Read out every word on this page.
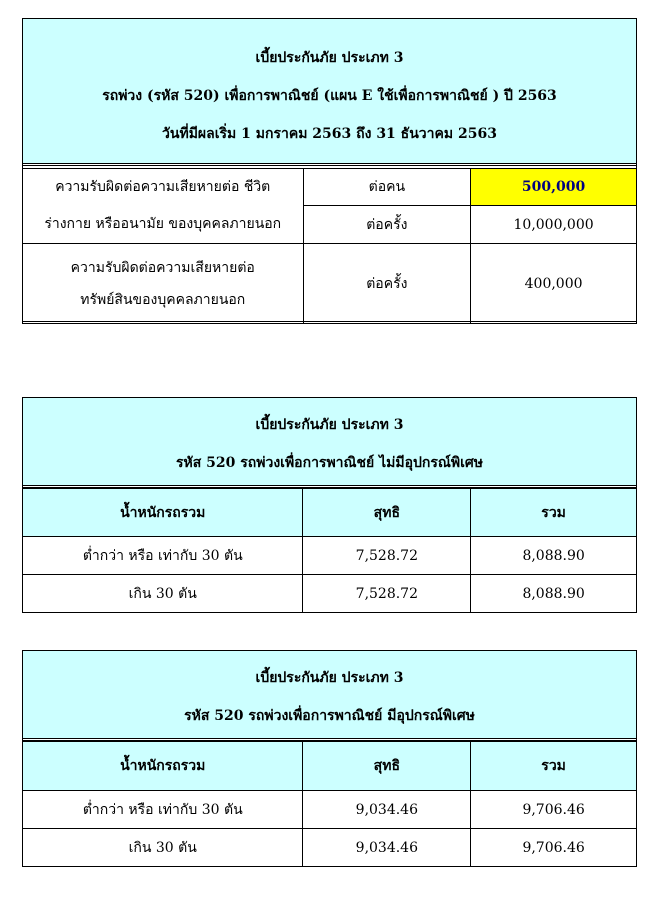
เบี้ยประกันภัย ประเภท 3
รถพ่วง (รหัส 520) เพื่อการพาณิชย์ (แผน E ใช้เพื่อการพาณิชย์ ) ปี 2563
วันที่มีผลเริ่ม 1 มกราคม 2563 ถึง 31 ธันวาคม 2563
ความรับผิดต่อความเสียหายต่อ ชีวิต
ร่างกาย หรืออนามัย ของบุคคลภายนอก	ต่อคน	500,000
	ต่อครั้ง	10,000,000

ความรับผิดต่อความเสียหายต่อ
ทรัพย์สินของบุคคลภายนอก	ต่อครั้ง	400,000
เบี้ยประกันภัย ประเภท 3
รหัส 520 รถพ่วงเพื่อการพาณิชย์ ไม่มีอุปกรณ์พิเศษ
น้ำหนักรถรวม	สุทธิ	รวม
ต่ำกว่า หรือ เท่ากับ 30 ตัน	7,528.72	8,088.90
เกิน 30 ตัน	7,528.72	8,088.90
เบี้ยประกันภัย ประเภท 3
รหัส 520 รถพ่วงเพื่อการพาณิชย์ มีอุปกรณ์พิเศษ
น้ำหนักรถรวม	สุทธิ	รวม
ต่ำกว่า หรือ เท่ากับ 30 ตัน	9,034.46	9,706.46
เกิน 30 ตัน	9,034.46	9,706.46
